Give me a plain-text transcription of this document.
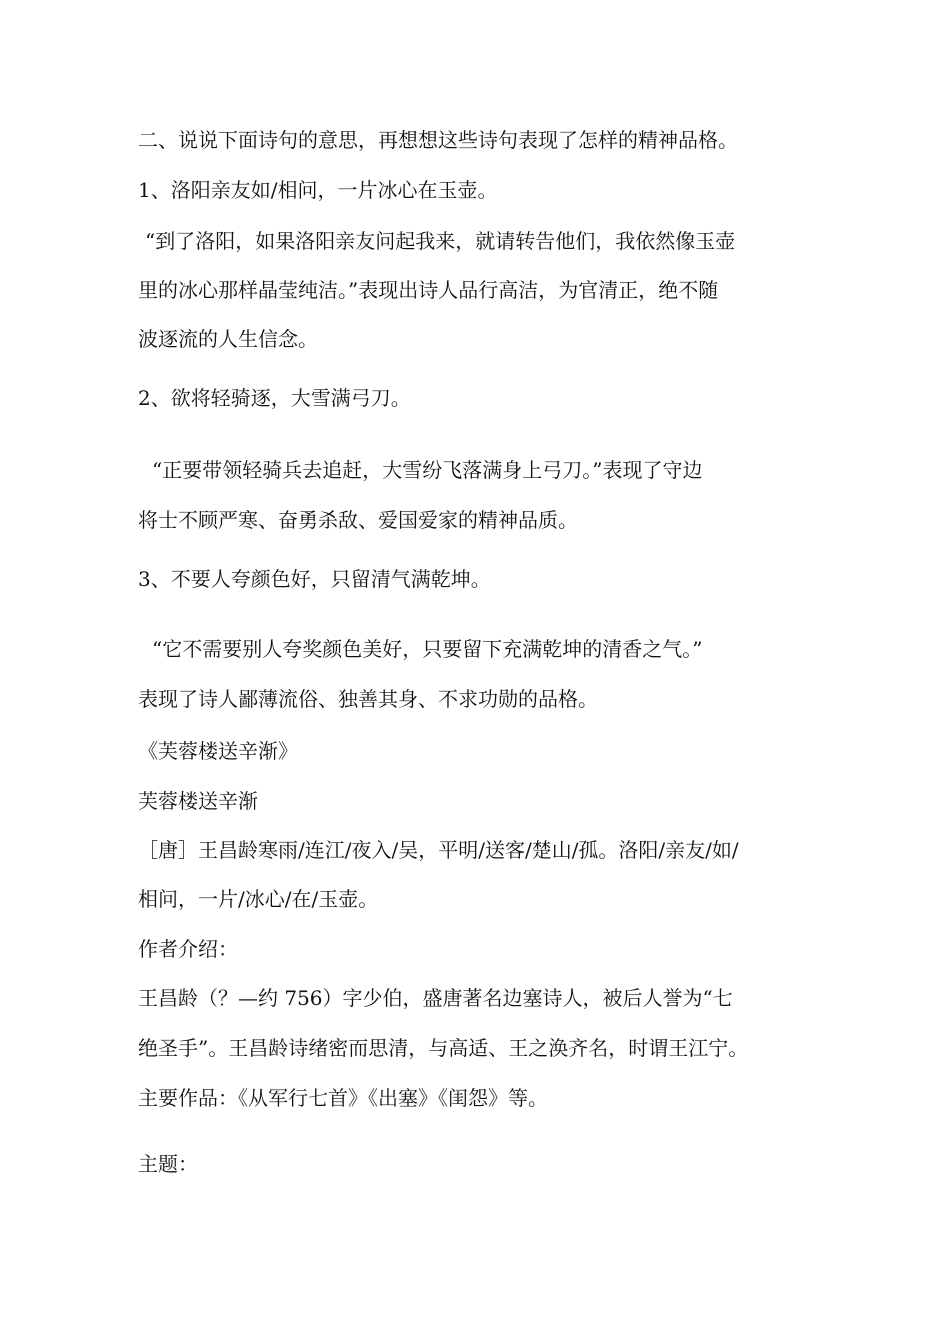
二、说说下面诗句的意思，再想想这些诗句表现了怎样的精神品格。
1、洛阳亲友如/相问，一片冰心在玉壶。
“到了洛阳，如果洛阳亲友问起我来，就请转告他们，我依然像玉壶
里的冰心那样晶莹纯洁。”表现出诗人品行高洁，为官清正，绝不随
波逐流的人生信念。
2、欲将轻骑逐，大雪满弓刀。
“正要带领轻骑兵去追赶，大雪纷飞落满身上弓刀。”表现了守边
将士不顾严寒、奋勇杀敌、爱国爱家的精神品质。
3、不要人夸颜色好，只留清气满乾坤。
“它不需要别人夸奖颜色美好，只要留下充满乾坤的清香之气。”
表现了诗人鄙薄流俗、独善其身、不求功勋的品格。
《芙蓉楼送辛渐》
芙蓉楼送辛渐
［唐］王昌龄寒雨/连江/夜入/吴，平明/送客/楚山/孤。洛阳/亲友/如/
相问，一片/冰心/在/玉壶。
作者介绍：
王昌龄（？—约 756）字少伯，盛唐著名边塞诗人，被后人誉为“七
绝圣手”。王昌龄诗绪密而思清，与高适、王之涣齐名，时谓王江宁。
主要作品：《从军行七首》《出塞》《闺怨》等。
主题：
